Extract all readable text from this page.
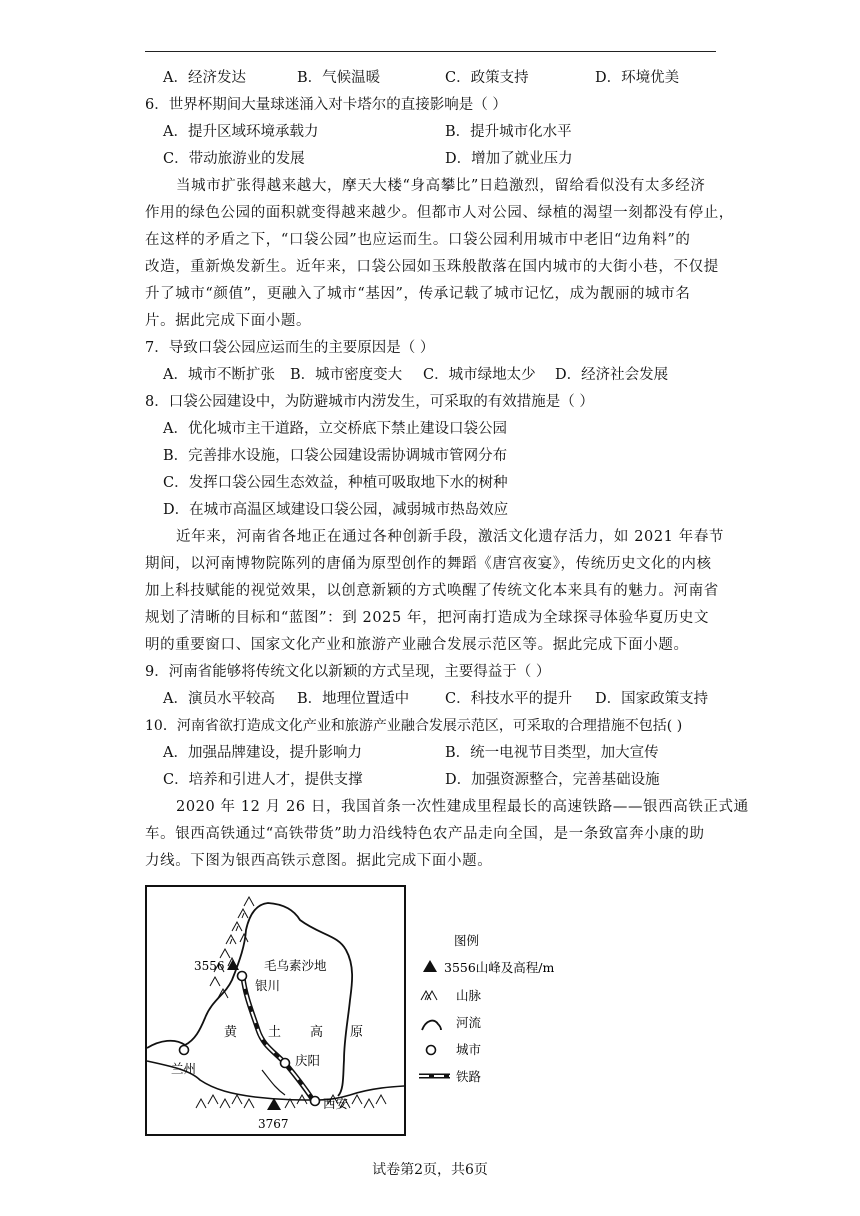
A．经济发达	B．气候温暖	C．政策支持	D．环境优美
6．世界杯期间大量球迷涌入对卡塔尔的直接影响是（ ）
A．提升区域环境承载力	B．提升城市化水平
C．带动旅游业的发展	D．增加了就业压力
当城市扩张得越来越大，摩天大楼“身高攀比”日趋激烈，留给看似没有太多经济
作用的绿色公园的面积就变得越来越少。但都市人对公园、绿植的渴望一刻都没有停止，
在这样的矛盾之下，“口袋公园”也应运而生。口袋公园利用城市中老旧“边角料”的
改造，重新焕发新生。近年来，口袋公园如玉珠般散落在国内城市的大街小巷，不仅提
升了城市“颜值”，更融入了城市“基因”，传承记载了城市记忆，成为靓丽的城市名
片。据此完成下面小题。
7．导致口袋公园应运而生的主要原因是（ ）
A．城市不断扩张 B．城市密度变大 C．城市绿地太少 D．经济社会发展
8．口袋公园建设中，为防避城市内涝发生，可采取的有效措施是（ ）
A．优化城市主干道路，立交桥底下禁止建设口袋公园
B．完善排水设施，口袋公园建设需协调城市管网分布
C．发挥口袋公园生态效益，种植可吸取地下水的树种
D．在城市高温区域建设口袋公园，减弱城市热岛效应
近年来，河南省各地正在通过各种创新手段，激活文化遗存活力，如 2021 年春节
期间，以河南博物院陈列的唐俑为原型创作的舞蹈《唐宫夜宴》，传统历史文化的内核
加上科技赋能的视觉效果，以创意新颖的方式唤醒了传统文化本来具有的魅力。河南省
规划了清晰的目标和“蓝图”：到 2025 年，把河南打造成为全球探寻体验华夏历史文
明的重要窗口、国家文化产业和旅游产业融合发展示范区等。据此完成下面小题。
9．河南省能够将传统文化以新颖的方式呈现，主要得益于（ ）
A．演员水平较高 B．地理位置适中 C．科技水平的提升 D．国家政策支持
10．河南省欲打造成文化产业和旅游产业融合发展示范区，可采取的合理措施不包括( )
A．加强品牌建设，提升影响力	B．统一电视节目类型，加大宣传
C．培养和引进人才，提供支撑	D．加强资源整合，完善基础设施
2020 年 12 月 26 日，我国首条一次性建成里程最长的高速铁路——银西高铁正式通
车。银西高铁通过“高铁带货”助力沿线特色农产品走向全国，是一条致富奔小康的助
力线。下图为银西高铁示意图。据此完成下面小题。
3556
3767
毛乌素沙地
银川
兰州
庆阳
西安
黄 土 高 原
图例
3556山峰及高程/m
山脉
河流
城市
铁路
试卷第2页，共6页
